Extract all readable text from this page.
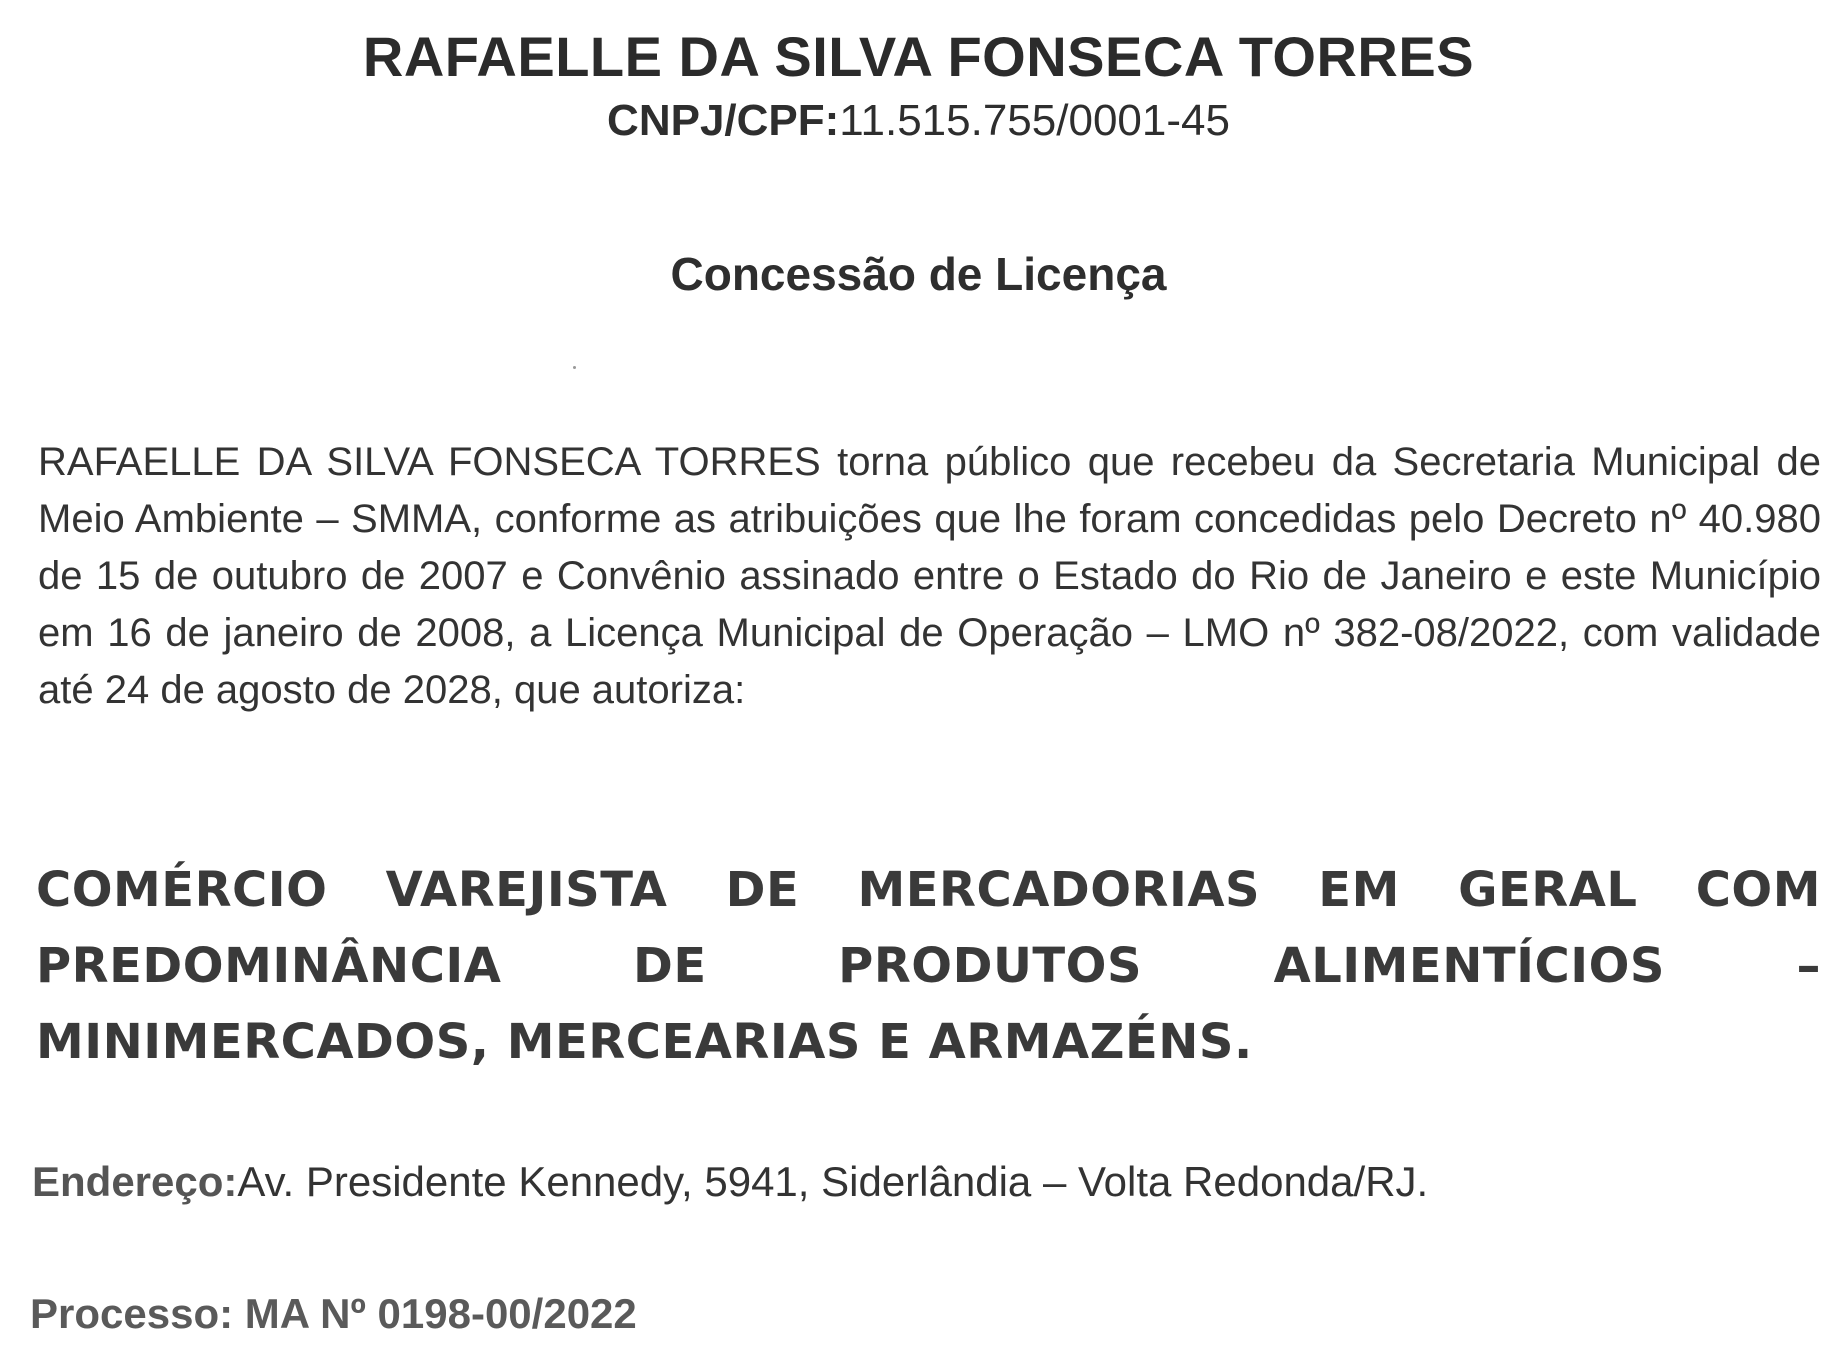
RAFAELLE DA SILVA FONSECA TORRES
CNPJ/CPF:11.515.755/0001-45
Concessão de Licença
RAFAELLE DA SILVA FONSECA TORRES torna público que recebeu da Secretaria Municipal de Meio Ambiente – SMMA, conforme as atribuições que lhe foram concedidas pelo Decreto nº 40.980 de 15 de outubro de 2007 e Convênio assinado entre o Estado do Rio de Janeiro e este Município em 16 de janeiro de 2008, a Licença Municipal de Operação – LMO nº 382-08/2022, com validade até 24 de agosto de 2028, que autoriza:
COMÉRCIO VAREJISTA DE MERCADORIAS EM GERAL COM PREDOMINÂNCIA DE PRODUTOS ALIMENTÍCIOS – MINIMERCADOS, MERCEARIAS E ARMAZÉNS.
Endereço:Av. Presidente Kennedy, 5941, Siderlândia – Volta Redonda/RJ.
Processo: MA Nº 0198-00/2022
